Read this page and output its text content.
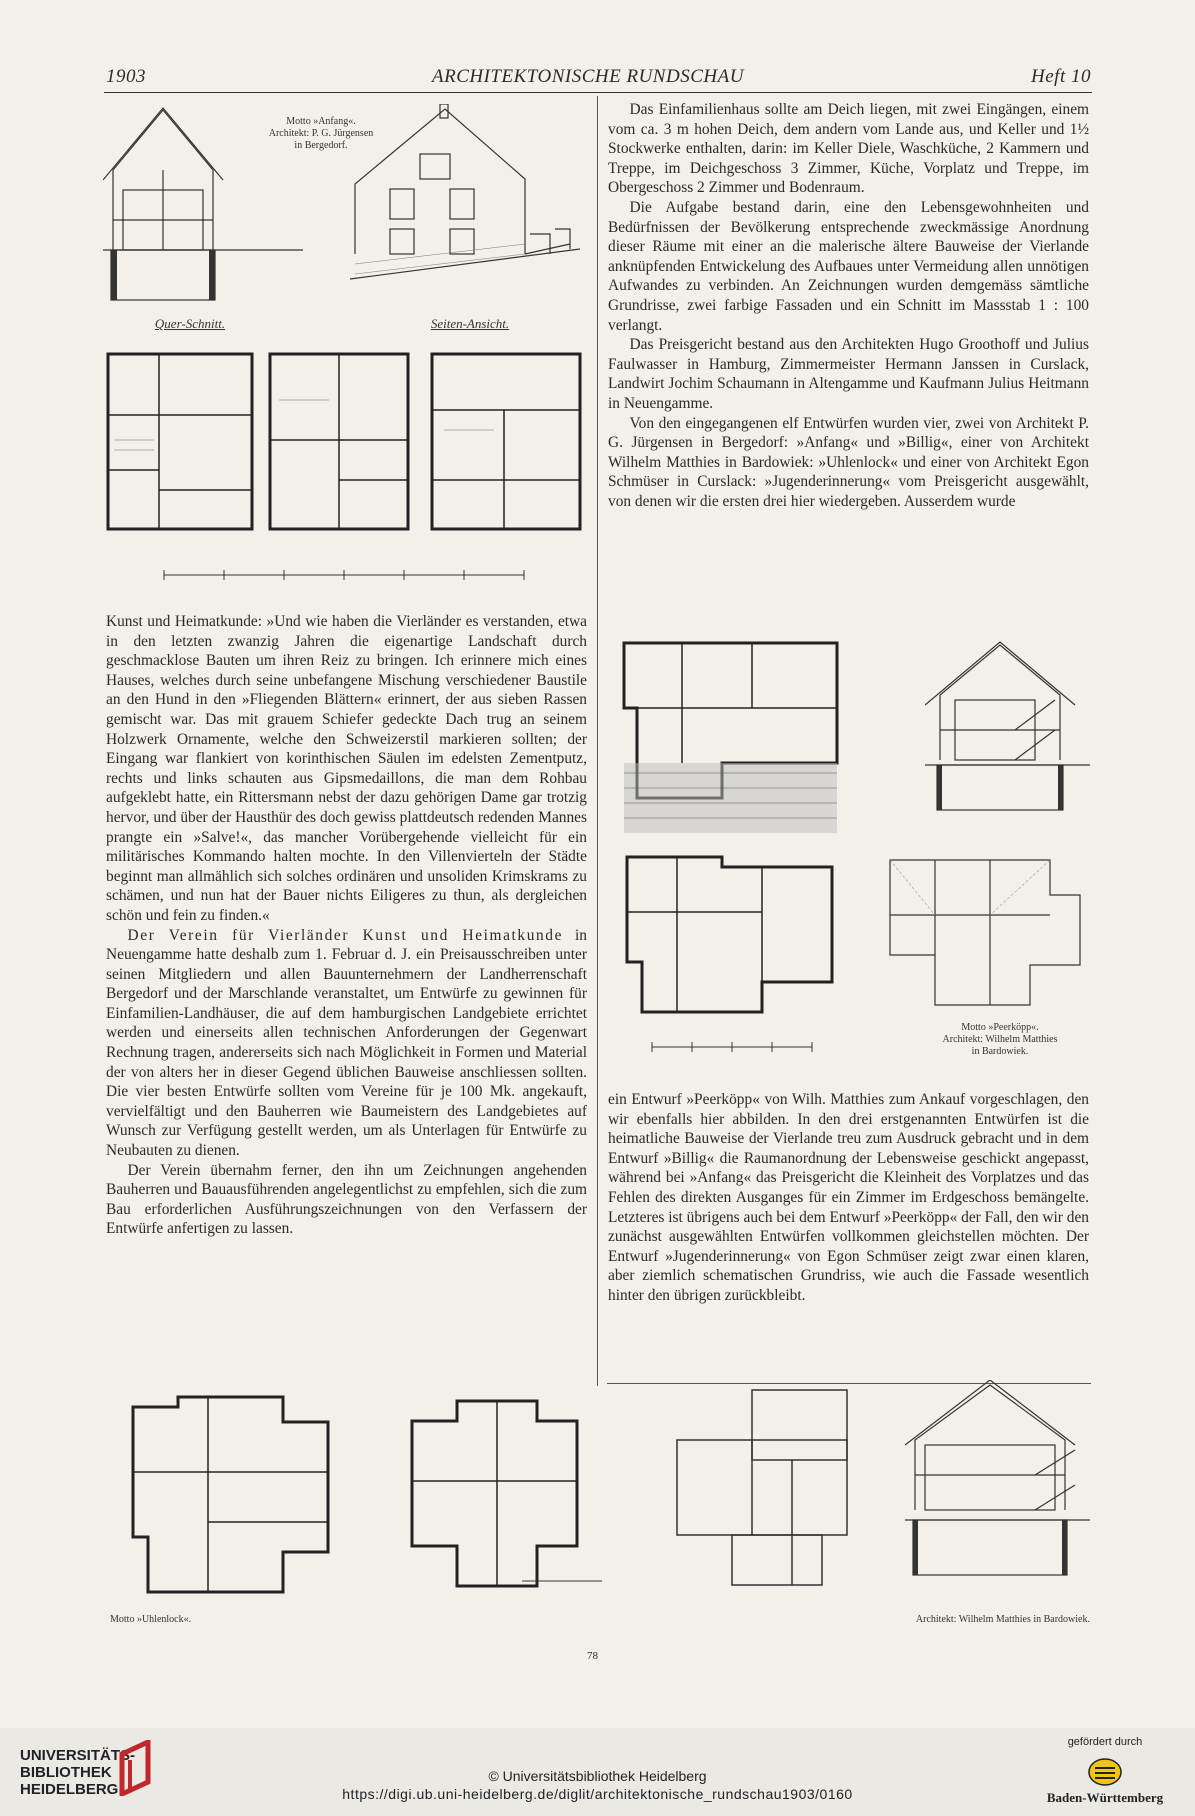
1903	ARCHITEKTONISCHE RUNDSCHAU	Heft 10
Motto »Anfang«.
Architekt: P. G. Jürgensen
in Bergedorf.
Quer-Schnitt.	Seiten-Ansicht.

Das Einfamilienhaus sollte am Deich liegen, mit zwei Eingängen, einem vom ca. 3 m hohen Deich, dem andern vom Lande aus, und Keller und 1½ Stockwerke enthalten, darin: im Keller Diele, Waschküche, 2 Kammern und Treppe, im Deichgeschoss 3 Zimmer, Küche, Vorplatz und Treppe, im Obergeschoss 2 Zimmer und Bodenraum.

Die Aufgabe bestand darin, eine den Lebensgewohnheiten und Bedürfnissen der Bevölkerung entsprechende zweckmässige Anordnung dieser Räume mit einer an die malerische ältere Bauweise der Vierlande anknüpfenden Entwickelung des Aufbaues unter Vermeidung allen unnötigen Aufwandes zu verbinden. An Zeichnungen wurden demgemäss sämtliche Grundrisse, zwei farbige Fassaden und ein Schnitt im Massstab 1 : 100 verlangt.

Das Preisgericht bestand aus den Architekten Hugo Groothoff und Julius Faulwasser in Hamburg, Zimmermeister Hermann Janssen in Curslack, Landwirt Jochim Schaumann in Altengamme und Kaufmann Julius Heitmann in Neuengamme.

Von den eingegangenen elf Entwürfen wurden vier, zwei von Architekt P. G. Jürgensen in Bergedorf: »Anfang« und »Billig«, einer von Architekt Wilhelm Matthies in Bardowiek: »Uhlenlock« und einer von Architekt Egon Schmüser in Curslack: »Jugenderinnerung« vom Preisgericht ausgewählt, von denen wir die ersten drei hier wiedergeben. Ausserdem wurde

Kunst und Heimatkunde: »Und wie haben die Vierländer es verstanden, etwa in den letzten zwanzig Jahren die eigenartige Landschaft durch geschmacklose Bauten um ihren Reiz zu bringen. Ich erinnere mich eines Hauses, welches durch seine unbefangene Mischung verschiedener Baustile an den Hund in den »Fliegenden Blättern« erinnert, der aus sieben Rassen gemischt war. Das mit grauem Schiefer gedeckte Dach trug an seinem Holzwerk Ornamente, welche den Schweizerstil markieren sollten; der Eingang war flankiert von korinthischen Säulen im edelsten Zementputz, rechts und links schauten aus Gipsmedaillons, die man dem Rohbau aufgeklebt hatte, ein Rittersmann nebst der dazu gehörigen Dame gar trotzig hervor, und über der Hausthür des doch gewiss plattdeutsch redenden Mannes prangte ein »Salve!«, das mancher Vorübergehende vielleicht für ein militärisches Kommando halten mochte. In den Villenvierteln der Städte beginnt man allmählich sich solches ordinären und unsoliden Krimskrams zu schämen, und nun hat der Bauer nichts Eiligeres zu thun, als dergleichen schön und fein zu finden.«

Der Verein für Vierländer Kunst und Heimatkunde in Neuengamme hatte deshalb zum 1. Februar d. J. ein Preisausschreiben unter seinen Mitgliedern und allen Bauunternehmern der Landherrenschaft Bergedorf und der Marschlande veranstaltet, um Entwürfe zu gewinnen für Einfamilien-Landhäuser, die auf dem hamburgischen Landgebiete errichtet werden und einerseits allen technischen Anforderungen der Gegenwart Rechnung tragen, andererseits sich nach Möglichkeit in Formen und Material der von alters her in dieser Gegend üblichen Bauweise anschliessen sollten. Die vier besten Entwürfe sollten vom Vereine für je 100 Mk. angekauft, vervielfältigt und den Bauherren wie Baumeistern des Landgebietes auf Wunsch zur Verfügung gestellt werden, um als Unterlagen für Entwürfe zu Neubauten zu dienen.

Der Verein übernahm ferner, den ihn um Zeichnungen angehenden Bauherren und Bauausführenden angelegentlichst zu empfehlen, sich die zum Bau erforderlichen Ausführungszeichnungen von den Verfassern der Entwürfe anfertigen zu lassen.

Motto »Peerköpp«.
Architekt: Wilhelm Matthies
in Bardowiek.

ein Entwurf »Peerköpp« von Wilh. Matthies zum Ankauf vorgeschlagen, den wir ebenfalls hier abbilden. In den drei erstgenannten Entwürfen ist die heimatliche Bauweise der Vierlande treu zum Ausdruck gebracht und in dem Entwurf »Billig« die Raumanordnung der Lebensweise geschickt angepasst, während bei »Anfang« das Preisgericht die Kleinheit des Vorplatzes und das Fehlen des direkten Ausganges für ein Zimmer im Erdgeschoss bemängelte. Letzteres ist übrigens auch bei dem Entwurf »Peerköpp« der Fall, den wir den zunächst ausgewählten Entwürfen vollkommen gleichstellen möchten. Der Entwurf »Jugenderinnerung« von Egon Schmüser zeigt zwar einen klaren, aber ziemlich schematischen Grundriss, wie auch die Fassade wesentlich hinter den übrigen zurückbleibt.

Motto »Uhlenlock«.	Architekt: Wilhelm Matthies in Bardowiek.
78
UNIVERSITÄTS-
BIBLIOTHEK
HEIDELBERG
© Universitätsbibliothek Heidelberg
https://digi.ub.uni-heidelberg.de/diglit/architektonische_rundschau1903/0160
gefördert durch
Baden-Württemberg
